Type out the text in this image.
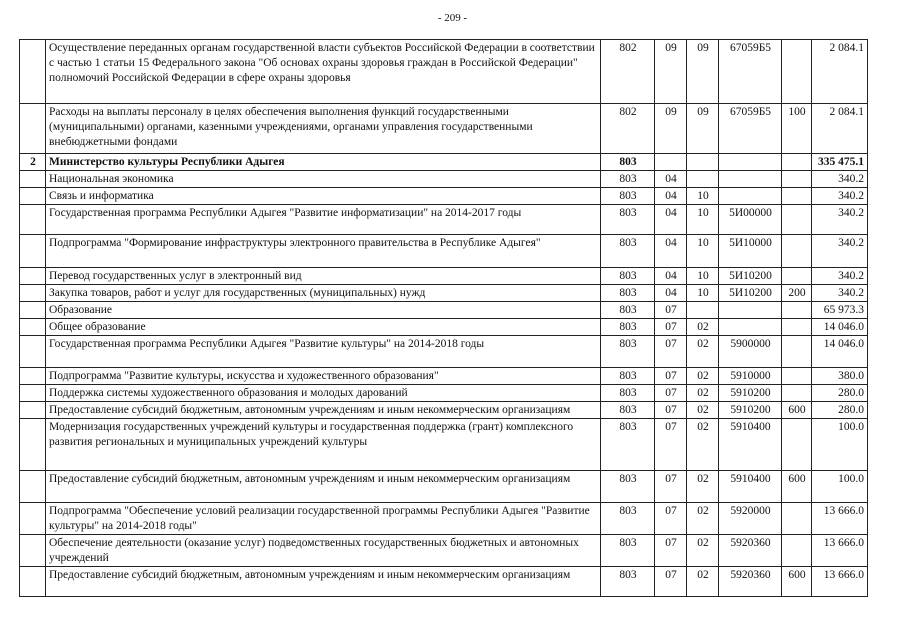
- 209 -
	Осуществление переданных органам государственной власти субъектов Российской Федерации в соответствии с частью 1 статьи 15 Федерального закона "Об основах охраны здоровья граждан в Российской Федерации" полномочий Российской Федерации в сфере охраны здоровья	802	09	09	67059Б5		2 084.1
	Расходы на выплаты персоналу в целях обеспечения выполнения функций государственными (муниципальными) органами, казенными учреждениями, органами управления государственными внебюджетными фондами	802	09	09	67059Б5	100	2 084.1
2	Министерство культуры Республики Адыгея	803					335 475.1
	Национальная экономика	803	04				340.2
	Связь и информатика	803	04	10			340.2
	Государственная программа Республики Адыгея "Развитие информатизации" на 2014-2017 годы	803	04	10	5И00000		340.2
	Подпрограмма "Формирование инфраструктуры электронного правительства в Республике Адыгея"	803	04	10	5И10000		340.2
	Перевод государственных услуг в электронный вид	803	04	10	5И10200		340.2
	Закупка товаров, работ и услуг для государственных (муниципальных) нужд	803	04	10	5И10200	200	340.2
	Образование	803	07				65 973.3
	Общее образование	803	07	02			14 046.0
	Государственная программа Республики Адыгея "Развитие культуры" на 2014-2018 годы	803	07	02	5900000		14 046.0
	Подпрограмма "Развитие культуры, искусства и художественного образования"	803	07	02	5910000		380.0
	Поддержка системы художественного образования и молодых дарований	803	07	02	5910200		280.0
	Предоставление субсидий бюджетным, автономным учреждениям и иным некоммерческим организациям	803	07	02	5910200	600	280.0
	Модернизация государственных учреждений культуры и государственная поддержка (грант) комплексного развития региональных и муниципальных учреждений культуры	803	07	02	5910400		100.0
	Предоставление субсидий бюджетным, автономным учреждениям и иным некоммерческим организациям	803	07	02	5910400	600	100.0
	Подпрограмма "Обеспечение условий реализации государственной программы Республики Адыгея "Развитие культуры" на 2014-2018 годы"	803	07	02	5920000		13 666.0
	Обеспечение деятельности (оказание услуг) подведомственных государственных бюджетных и автономных учреждений	803	07	02	5920360		13 666.0
	Предоставление субсидий бюджетным, автономным учреждениям и иным некоммерческим организациям	803	07	02	5920360	600	13 666.0
